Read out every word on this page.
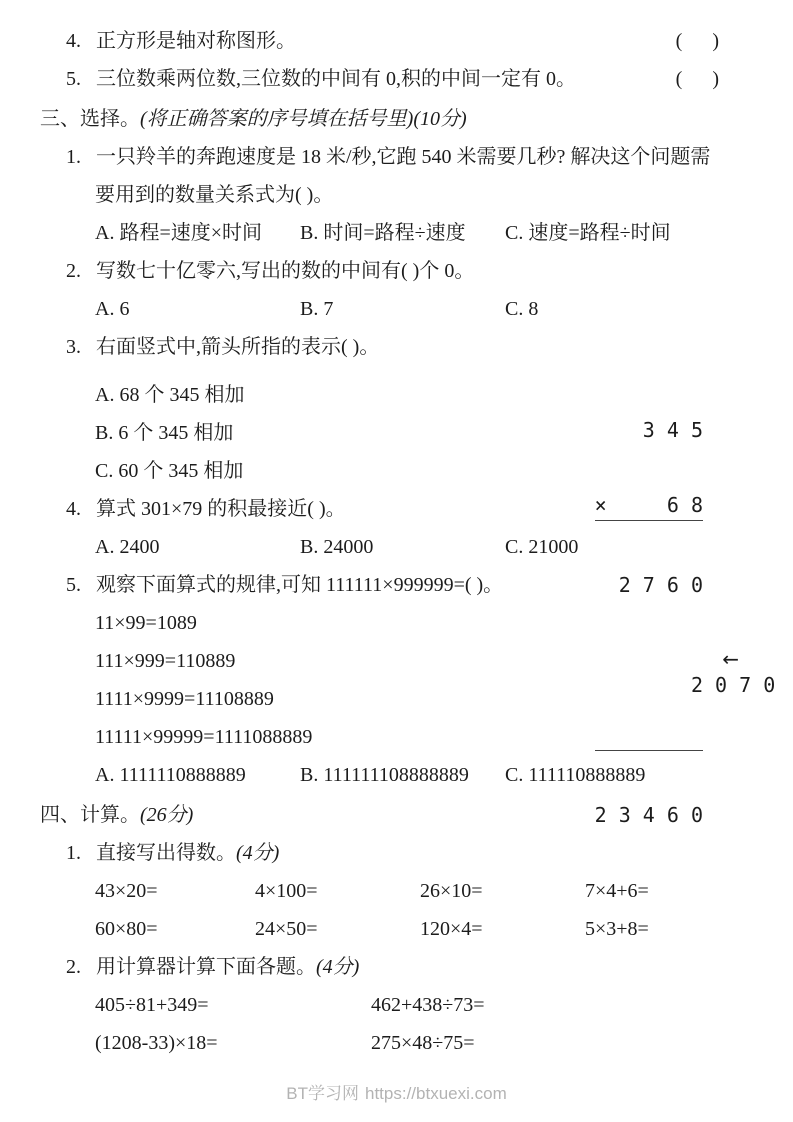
4. 正方形是轴对称图形。	(      )
5. 三位数乘两位数,三位数的中间有 0,积的中间一定有 0。	(      )
三、选择。(将正确答案的序号填在括号里)(10分)
1. 一只羚羊的奔跑速度是 18 米/秒,它跑 540 米需要几秒? 解决这个问题需
要用到的数量关系式为( )。
A. 路程=速度×时间	B. 时间=路程÷速度	C. 速度=路程÷时间
2. 写数七十亿零六,写出的数的中间有( )个 0。
A. 6	B. 7	C. 8
3. 右面竖式中,箭头所指的表示( )。
A. 68 个 345 相加
B. 6 个 345 相加
C. 60 个 345 相加

3 4 5

×	6 8

2 7 6 0

2 0 7 0

←

2 3 4 6 0

4. 算式 301×79 的积最接近( )。
A. 2400	B. 24000	C. 21000
5. 观察下面算式的规律,可知 111111×999999=( )。
11×99=1089
111×999=110889
1111×9999=11108889
11111×99999=1111088889
A. 1111110888889	B. 111111108888889	C. 111110888889
四、计算。(26分)
1. 直接写出得数。(4分)
43×20=	4×100=	26×10=	7×4+6=
60×80=	24×50=	120×4=	5×3+8=
2. 用计算器计算下面各题。(4分)
405÷81+349=	462+438÷73=
(1208-33)×18=	275×48÷75=
BT学习网 https://btxuexi.com
